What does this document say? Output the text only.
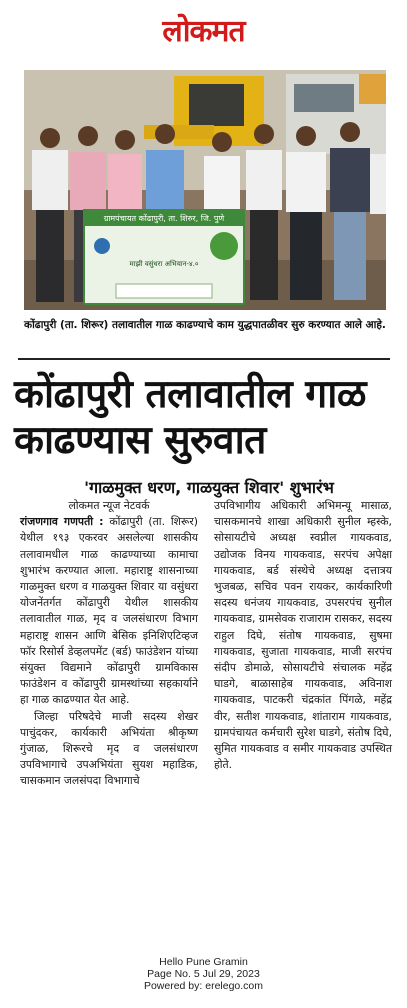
लोकमत
ग्रामपंचायत कोंढापुरी, ता. शिरुर, जि. पुणे
माझी वसुंधरा अभियान-४.०
कोंढापुरी (ता. शिरूर) तलावातील गाळ काढण्याचे काम युद्धपातळीवर सुरु करण्यात आले आहे.
कोंढापुरी तलावातील गाळ काढण्यास सुरुवात
'गाळमुक्त धरण, गाळयुक्त शिवार' शुभारंभ

लोकमत न्यूज नेटवर्क

रांजणगाव गणपती : कोंढापुरी (ता. शिरूर) येथील १९३ एकरवर असलेल्या शासकीय तलावामधील गाळ काढण्याच्या कामाचा शुभारंभ करण्यात आला. महाराष्ट्र शासनाच्या गाळमुक्त धरण व गाळयुक्त शिवार या वसुंधरा योजनेंतर्गत कोंढापुरी येथील शासकीय तलावातील गाळ, मृद व जलसंधारण विभाग महाराष्ट्र शासन आणि बेसिक इनिशिएटिव्हज फॉर रिसोर्स डेव्हलपमेंट (बर्ड) फाउंडेशन यांच्या संयुक्त विद्यमाने कोंढापुरी ग्रामविकास फाउंडेशन व कोंढापुरी ग्रामस्थांच्या सहकार्याने हा गाळ काढण्यात येत आहे.

जिल्हा परिषदेचे माजी सदस्य शेखर पाचुंदकर, कार्यकारी अभियंता श्रीकृष्ण गुंजाळ, शिरूरचे मृद व जलसंधारण उपविभागाचे उपअभियंता सुयश महाडिक, चासकमान जलसंपदा विभागाचे

उपविभागीय अधिकारी अभिमन्यू मासाळ, चासकमानचे शाखा अधिकारी सुनील म्हस्के, सोसायटीचे अध्यक्ष स्वप्नील गायकवाड, उद्योजक विनय गायकवाड, सरपंच अपेक्षा गायकवाड, बर्ड संस्थेचे अध्यक्ष दत्तात्रय भुजबळ, सचिव पवन रायकर, कार्यकारिणी सदस्य धनंजय गायकवाड, उपसरपंच सुनील गायकवाड, ग्रामसेवक राजाराम रासकर, सदस्य राहुल दिघे, संतोष गायकवाड, सुषमा गायकवाड, सुजाता गायकवाड, माजी सरपंच संदीप डोमाळे, सोसायटीचे संचालक महेंद्र घाडगे, बाळासाहेब गायकवाड, अविनाश गायकवाड, पाटकरी चंद्रकांत पिंगळे, महेंद्र वीर, सतीश गायकवाड, शांताराम गायकवाड, ग्रामपंचायत कर्मचारी सुरेश घाडगे, संतोष दिघे, सुमित गायकवाड व समीर गायकवाड उपस्थित होते.

Hello Pune Gramin
Page No. 5 Jul 29, 2023
Powered by: erelego.com
